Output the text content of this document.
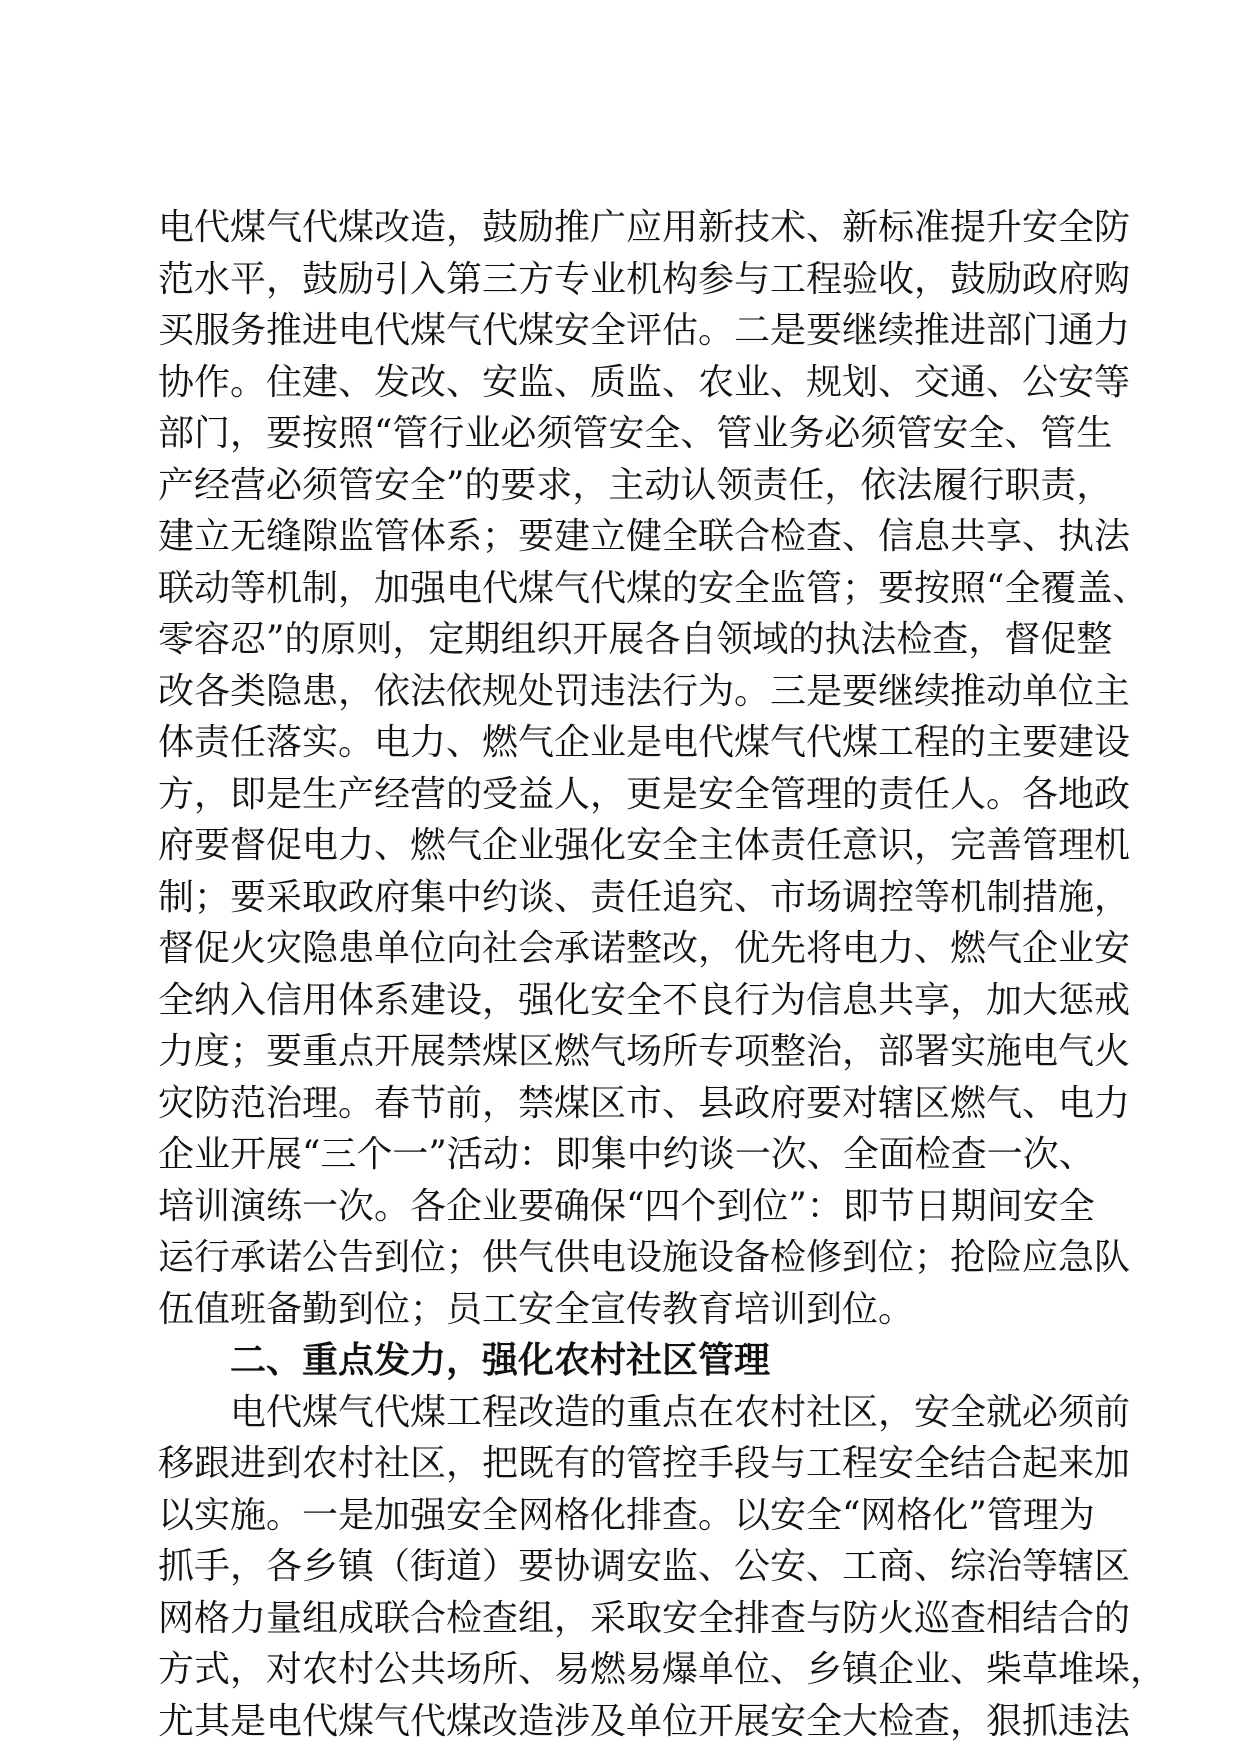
电代煤气代煤改造，鼓励推广应用新技术、新标准提升安全防
范水平，鼓励引入第三方专业机构参与工程验收，鼓励政府购
买服务推进电代煤气代煤安全评估。二是要继续推进部门通力
协作。住建、发改、安监、质监、农业、规划、交通、公安等
部门，要按照“管行业必须管安全、管业务必须管安全、管生
产经营必须管安全”的要求，主动认领责任，依法履行职责，
建立无缝隙监管体系；要建立健全联合检查、信息共享、执法
联动等机制，加强电代煤气代煤的安全监管；要按照“全覆盖、
零容忍”的原则，定期组织开展各自领域的执法检查，督促整
改各类隐患，依法依规处罚违法行为。三是要继续推动单位主
体责任落实。电力、燃气企业是电代煤气代煤工程的主要建设
方，即是生产经营的受益人，更是安全管理的责任人。各地政
府要督促电力、燃气企业强化安全主体责任意识，完善管理机
制；要采取政府集中约谈、责任追究、市场调控等机制措施，
督促火灾隐患单位向社会承诺整改，优先将电力、燃气企业安
全纳入信用体系建设，强化安全不良行为信息共享，加大惩戒
力度；要重点开展禁煤区燃气场所专项整治，部署实施电气火
灾防范治理。春节前，禁煤区市、县政府要对辖区燃气、电力
企业开展“三个一”活动：即集中约谈一次、全面检查一次、
培训演练一次。各企业要确保“四个到位”：即节日期间安全
运行承诺公告到位；供气供电设施设备检修到位；抢险应急队
伍值班备勤到位；员工安全宣传教育培训到位。
二、重点发力，强化农村社区管理
电代煤气代煤工程改造的重点在农村社区，安全就必须前
移跟进到农村社区，把既有的管控手段与工程安全结合起来加
以实施。一是加强安全网格化排查。以安全“网格化”管理为
抓手，各乡镇（街道）要协调安监、公安、工商、综治等辖区
网格力量组成联合检查组，采取安全排查与防火巡查相结合的
方式，对农村公共场所、易燃易爆单位、乡镇企业、柴草堆垛，
尤其是电代煤气代煤改造涉及单位开展安全大检查，狠抓违法
